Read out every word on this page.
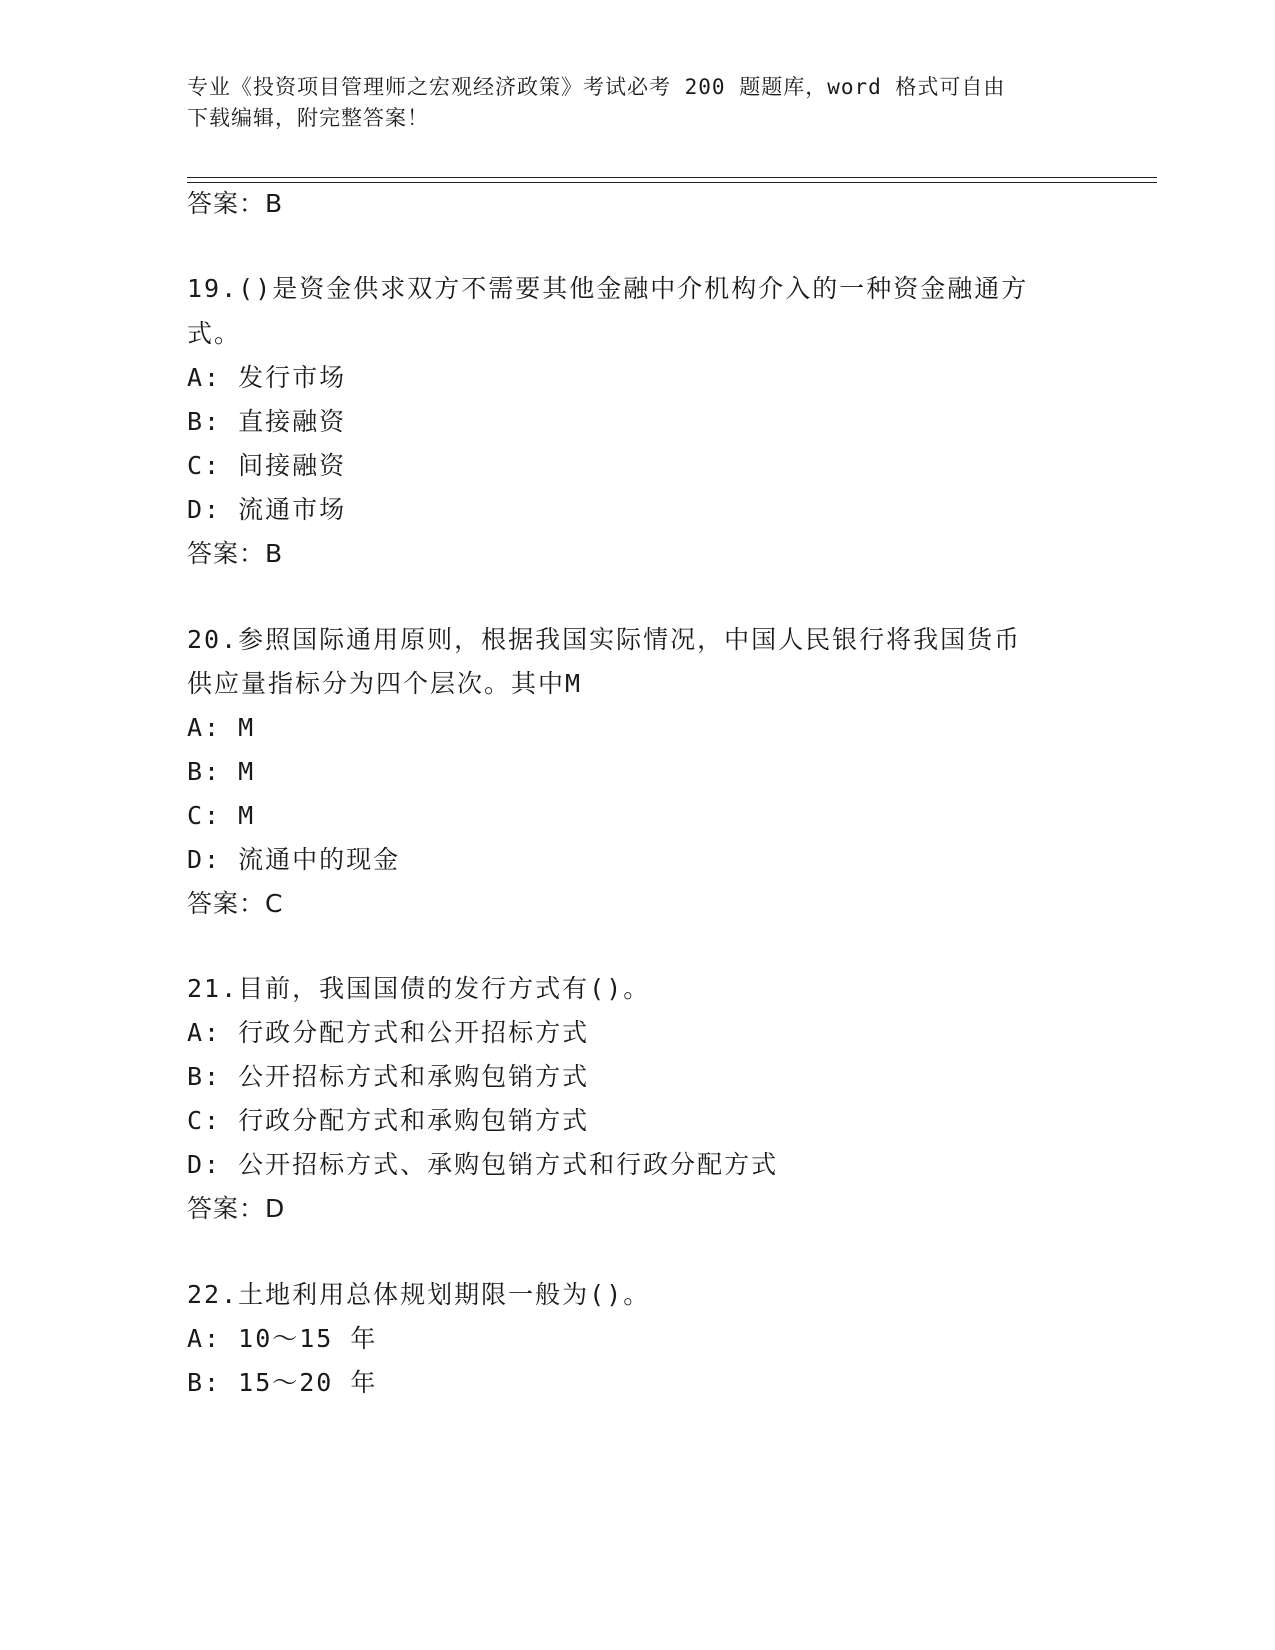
专业《投资项目管理师之宏观经济政策》考试必考 200 题题库，word 格式可自由
下载编辑，附完整答案！
答案：B
19.()是资金供求双方不需要其他金融中介机构介入的一种资金融通方
式。
A: 发行市场
B: 直接融资
C: 间接融资
D: 流通市场
答案：B
20.参照国际通用原则，根据我国实际情况，中国人民银行将我国货币
供应量指标分为四个层次。其中M
A: M
B: M
C: M
D: 流通中的现金
答案：C
21.目前，我国国债的发行方式有()。
A: 行政分配方式和公开招标方式
B: 公开招标方式和承购包销方式
C: 行政分配方式和承购包销方式
D: 公开招标方式、承购包销方式和行政分配方式
答案：D
22.土地利用总体规划期限一般为()。
A: 10～15 年
B: 15～20 年
